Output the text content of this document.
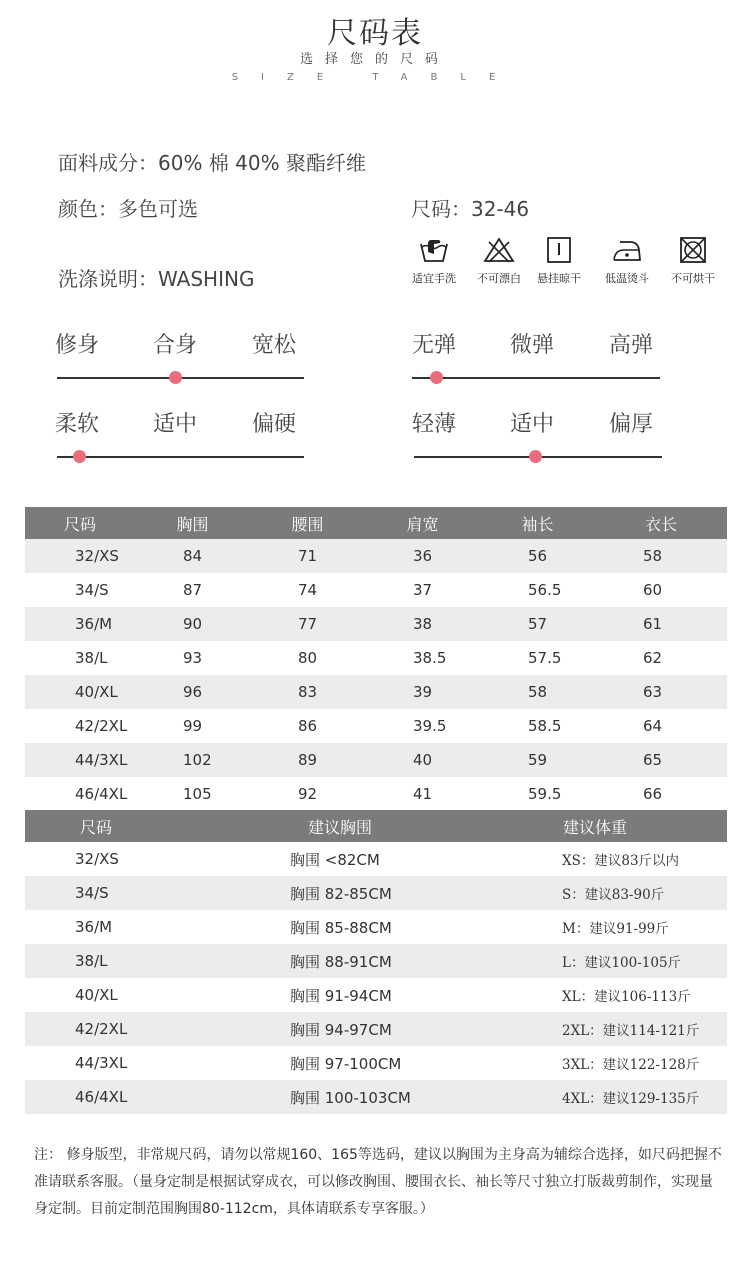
尺码表
选择您的尺码
SIZE TABLE
面料成分：60% 棉 40% 聚酯纤维
颜色：多色可选	尺码：32-46
洗涤说明：WASHING	适宜手洗	不可漂白	悬挂晾干	低温烫斗	不可烘干
修身 合身 宽松	无弹 微弹 高弹
柔软 适中 偏硬	轻薄 适中 偏厚
尺码	胸围	腰围	肩宽	袖长	衣长
32/XS	84	71	36	56	58
34/S	87	74	37	56.5	60
36/M	90	77	38	57	61
38/L	93	80	38.5	57.5	62
40/XL	96	83	39	58	63
42/2XL	99	86	39.5	58.5	64
44/3XL	102	89	40	59	65
46/4XL	105	92	41	59.5	66
尺码	建议胸围	建议体重
32/XS	胸围 <82CM	XS：建议83斤以内
34/S	胸围 82-85CM	S：建议83-90斤
36/M	胸围 85-88CM	M：建议91-99斤
38/L	胸围 88-91CM	L：建议100-105斤
40/XL	胸围 91-94CM	XL：建议106-113斤
42/2XL	胸围 94-97CM	2XL：建议114-121斤
44/3XL	胸围 97-100CM	3XL：建议122-128斤
46/4XL	胸围 100-103CM	4XL：建议129-135斤
注： 修身版型，非常规尺码，请勿以常规160、165等选码，建议以胸围为主身高为辅综合选择，如尺码把握不准请联系客服。（量身定制是根据试穿成衣，可以修改胸围、腰围衣长、袖长等尺寸独立打版裁剪制作，实现量身定制。目前定制范围胸围80-112cm，具体请联系专享客服。）
